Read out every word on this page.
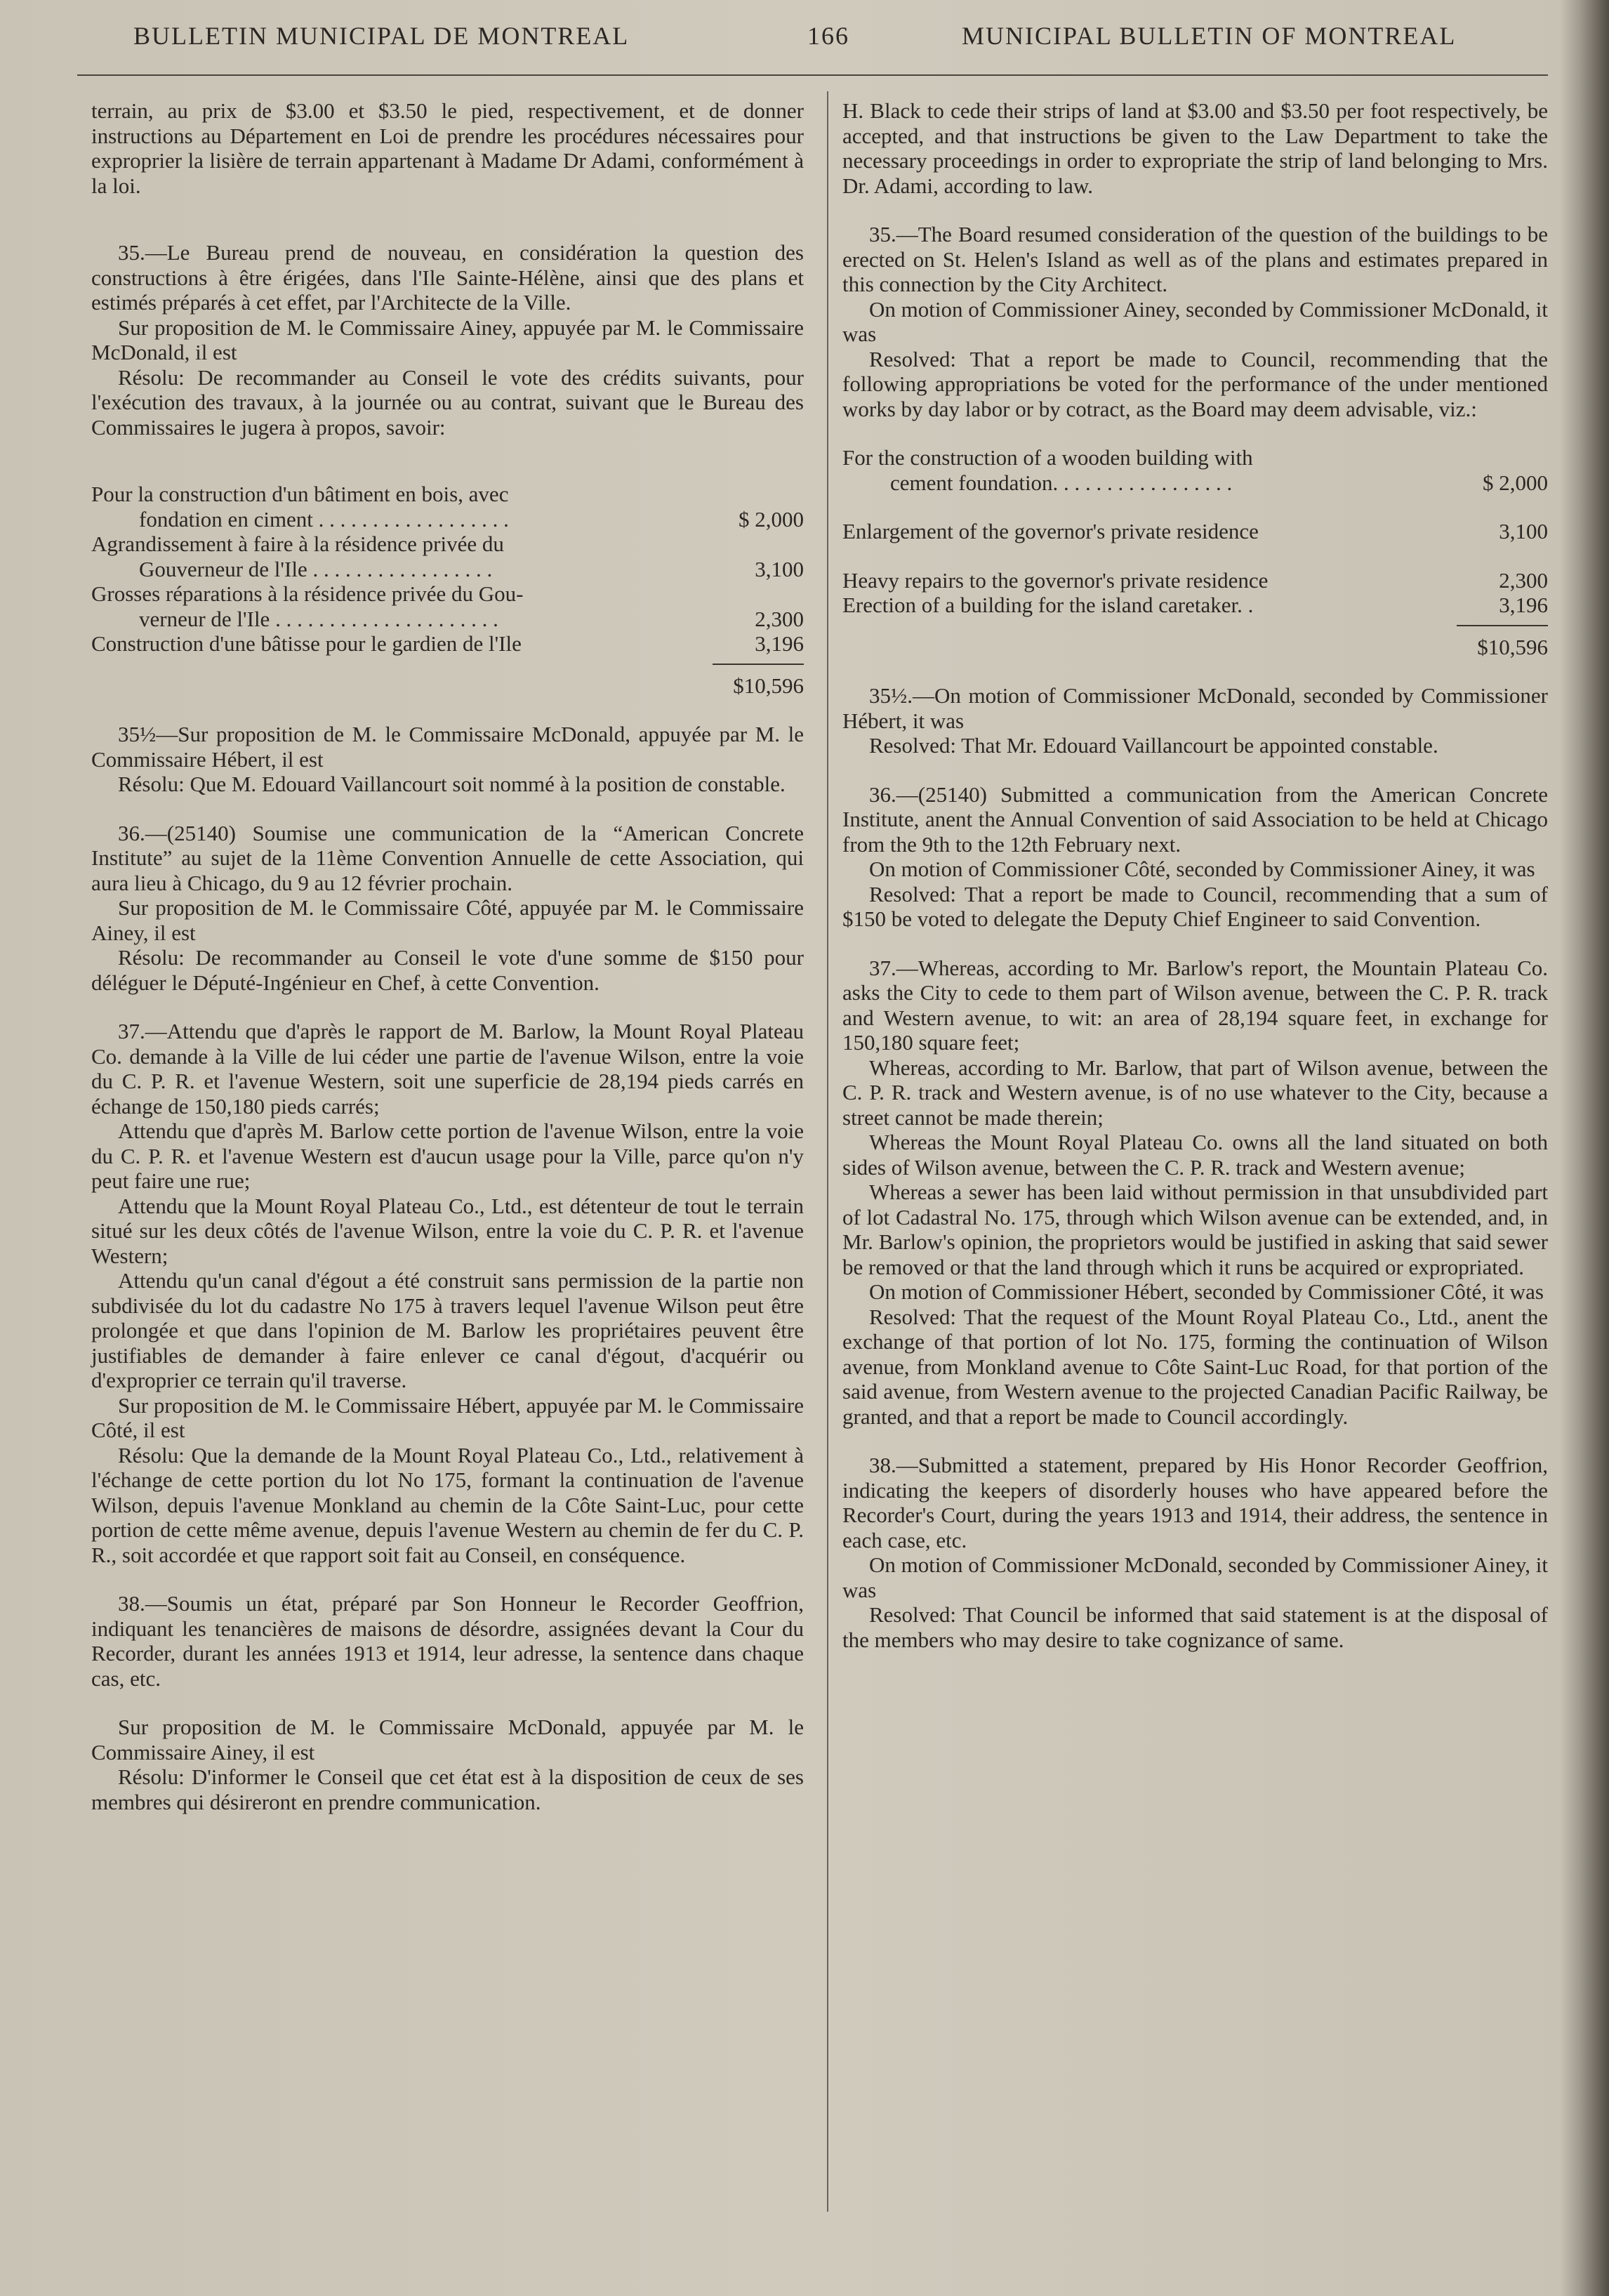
BULLETIN MUNICIPAL DE MONTREAL	166	MUNICIPAL BULLETIN OF MONTREAL

terrain, au prix de $3.00 et $3.50 le pied, respectivement, et de donner instructions au Département en Loi de prendre les procédures nécessaires pour exproprier la lisière de terrain appartenant à Madame Dr Adami, conformément à la loi.

35.—Le Bureau prend de nouveau, en considération la question des constructions à être érigées, dans l'Ile Sainte-Hélène, ainsi que des plans et estimés préparés à cet effet, par l'Architecte de la Ville.

Sur proposition de M. le Commissaire Ainey, appuyée par M. le Commissaire McDonald, il est

Résolu: De recommander au Conseil le vote des crédits suivants, pour l'exécution des travaux, à la journée ou au contrat, suivant que le Bureau des Commissaires le jugera à propos, savoir:

Pour la construction d'un bâtiment en bois, avec

fondation en ciment . . . . . . . . . . . . . . . . . .	$ 2,000

Agrandissement à faire à la résidence privée du

Gouverneur de l'Ile . . . . . . . . . . . . . . . . .	3,100

Grosses réparations à la résidence privée du Gou-

verneur de l'Ile . . . . . . . . . . . . . . . . . . . . .	2,300

Construction d'une bâtisse pour le gardien de l'Ile	3,196

$10,596

35½—Sur proposition de M. le Commissaire McDonald, appuyée par M. le Commissaire Hébert, il est

Résolu: Que M. Edouard Vaillancourt soit nommé à la position de constable.

36.—(25140) Soumise une communication de la “American Concrete Institute” au sujet de la 11ème Convention Annuelle de cette Association, qui aura lieu à Chicago, du 9 au 12 février prochain.

Sur proposition de M. le Commissaire Côté, appuyée par M. le Commissaire Ainey, il est

Résolu: De recommander au Conseil le vote d'une somme de $150 pour déléguer le Député-Ingénieur en Chef, à cette Convention.

37.—Attendu que d'après le rapport de M. Barlow, la Mount Royal Plateau Co. demande à la Ville de lui céder une partie de l'avenue Wilson, entre la voie du C. P. R. et l'avenue Western, soit une superficie de 28,194 pieds carrés en échange de 150,180 pieds carrés;

Attendu que d'après M. Barlow cette portion de l'avenue Wilson, entre la voie du C. P. R. et l'avenue Western est d'aucun usage pour la Ville, parce qu'on n'y peut faire une rue;

Attendu que la Mount Royal Plateau Co., Ltd., est détenteur de tout le terrain situé sur les deux côtés de l'avenue Wilson, entre la voie du C. P. R. et l'avenue Western;

Attendu qu'un canal d'égout a été construit sans permission de la partie non subdivisée du lot du cadastre No 175 à travers lequel l'avenue Wilson peut être prolongée et que dans l'opinion de M. Barlow les propriétaires peuvent être justifiables de demander à faire enlever ce canal d'égout, d'acquérir ou d'exproprier ce terrain qu'il traverse.

Sur proposition de M. le Commissaire Hébert, appuyée par M. le Commissaire Côté, il est

Résolu: Que la demande de la Mount Royal Plateau Co., Ltd., relativement à l'échange de cette portion du lot No 175, formant la continuation de l'avenue Wilson, depuis l'avenue Monkland au chemin de la Côte Saint-Luc, pour cette portion de cette même avenue, depuis l'avenue Western au chemin de fer du C. P. R., soit accordée et que rapport soit fait au Conseil, en conséquence.

38.—Soumis un état, préparé par Son Honneur le Recorder Geoffrion, indiquant les tenancières de maisons de désordre, assignées devant la Cour du Recorder, durant les années 1913 et 1914, leur adresse, la sentence dans chaque cas, etc.

Sur proposition de M. le Commissaire McDonald, appuyée par M. le Commissaire Ainey, il est

Résolu: D'informer le Conseil que cet état est à la disposition de ceux de ses membres qui désireront en prendre communication.

H. Black to cede their strips of land at $3.00 and $3.50 per foot respectively, be accepted, and that instructions be given to the Law Department to take the necessary proceedings in order to expropriate the strip of land belonging to Mrs. Dr. Adami, according to law.

35.—The Board resumed consideration of the question of the buildings to be erected on St. Helen's Island as well as of the plans and estimates prepared in this connection by the City Architect.

On motion of Commissioner Ainey, seconded by Commissioner McDonald, it was

Resolved: That a report be made to Council, recommending that the following appropriations be voted for the performance of the under mentioned works by day labor or by cotract, as the Board may deem advisable, viz.:

For the construction of a wooden building with

cement foundation. . . . . . . . . . . . . . . . .	$ 2,000

Enlargement of the governor's private residence	3,100

Heavy repairs to the governor's private residence	2,300

Erection of a building for the island caretaker. .	3,196

$10,596

35½.—On motion of Commissioner McDonald, seconded by Commissioner Hébert, it was

Resolved: That Mr. Edouard Vaillancourt be appointed constable.

36.—(25140) Submitted a communication from the American Concrete Institute, anent the Annual Convention of said Association to be held at Chicago from the 9th to the 12th February next.

On motion of Commissioner Côté, seconded by Commissioner Ainey, it was

Resolved: That a report be made to Council, recommending that a sum of $150 be voted to delegate the Deputy Chief Engineer to said Convention.

37.—Whereas, according to Mr. Barlow's report, the Mountain Plateau Co. asks the City to cede to them part of Wilson avenue, between the C. P. R. track and Western avenue, to wit: an area of 28,194 square feet, in exchange for 150,180 square feet;

Whereas, according to Mr. Barlow, that part of Wilson avenue, between the C. P. R. track and Western avenue, is of no use whatever to the City, because a street cannot be made therein;

Whereas the Mount Royal Plateau Co. owns all the land situated on both sides of Wilson avenue, between the C. P. R. track and Western avenue;

Whereas a sewer has been laid without permission in that unsubdivided part of lot Cadastral No. 175, through which Wilson avenue can be extended, and, in Mr. Barlow's opinion, the proprietors would be justified in asking that said sewer be removed or that the land through which it runs be acquired or expropriated.

On motion of Commissioner Hébert, seconded by Commissioner Côté, it was

Resolved: That the request of the Mount Royal Plateau Co., Ltd., anent the exchange of that portion of lot No. 175, forming the continuation of Wilson avenue, from Monkland avenue to Côte Saint-Luc Road, for that portion of the said avenue, from Western avenue to the projected Canadian Pacific Railway, be granted, and that a report be made to Council accordingly.

38.—Submitted a statement, prepared by His Honor Recorder Geoffrion, indicating the keepers of disorderly houses who have appeared before the Recorder's Court, during the years 1913 and 1914, their address, the sentence in each case, etc.

On motion of Commissioner McDonald, seconded by Commissioner Ainey, it was

Resolved: That Council be informed that said statement is at the disposal of the members who may desire to take cognizance of same.
